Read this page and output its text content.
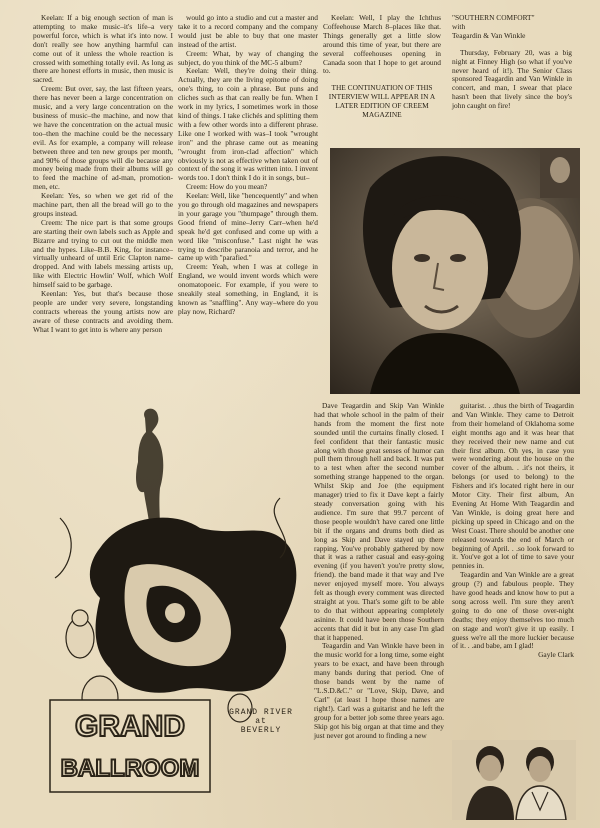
Keelan: If a big enough section of man is attempting to make music–it's life–a very powerful force, which is what it's into now. I don't really see how anything harmful can come out of it unless the whole reaction is crossed with something totally evil. As long as there are honest efforts in music, then music is sacred.

Creem: But over, say, the last fifteen years, there has never been a large concentration on music, and a very large concentration on the business of music–the machine, and now that we have the concentration on the actual music too–then the machine could be the necessary evil. As for example, a company will release between three and ten new groups per month, and 90% of those groups will die because any money being made from their albums will go to feed the machine of ad-man, promotion-men, etc.

Keelan: Yes, so when we get rid of the machine part, then all the bread will go to the groups instead.

Creem: The nice part is that some groups are starting their own labels such as Apple and Bizarre and trying to cut out the middle men and the hypes. Like–B.B. King, for instance–virtually unheard of until Eric Clapton name-dropped. And with labels messing artists up, like with Electric Howlin' Wolf, which Wolf himself said to be garbage.

Keenlan: Yes, but that's because those people are under very severe, longstanding contracts whereas the young artists now are aware of these contracts and avoiding them. What I want to get into is where any person

would go into a studio and cut a master and take it to a record company and the company would just be able to buy that one master instead of the artist.

Creem: What, by way of changing the subject, do you think of the MC-5 album?

Keelan: Well, they're doing their thing. Actually, they are the living epitome of doing one's thing, to coin a phrase. But puns and cliches such as that can really be fun. When I work in my lyrics, I sometimes work in those kind of things. I take clichés and splitting them with a few other words into a different phrase. Like one I worked with was–I took "wrought iron" and the phrase came out as meaning "wrought from iron-clad affection" which obviously is not as effective when taken out of context of the song it was written into. I invent words too. I don't think I do it in songs, but–

Creem: How do you mean?

Keelan: Well, like "hencequently" and when you go through old magazines and newspapers in your garage you "thumpage" through them. Good friend of mine–Jerry Carr–when he'd speak he'd get confused and come up with a word like "misconfuse." Last night he was trying to describe paranoia and terror, and he came up with "parafied."

Creem: Yeah, when I was at college in England, we would invent words which were onomatopoeic. For example, if you were to sneakily steal something, in England, it is known as "snaffling". Any way–where do you play now, Richard?

Keelan: Well, I play the Ichthus Coffeehouse March 8–places like that. Things generally get a little slow around this time of year, but there are several coffeehouses opening in Canada soon that I hope to get around to.

THE CONTINUATION OF THIS INTERVIEW WILL APPEAR IN A LATER EDITION OF CREEM MAGAZINE

"SOUTHERN COMFORT"

with

Teagardin & Van Winkle

Thursday, February 20, was a big night at Finney High (so what if you've never heard of it!). The Senior Class sponsored Teagardin and Van Winkle in concert, and man, I swear that place hasn't been that lively since the boy's john caught on fire!

Dave Teagardin and Skip Van Winkle had that whole school in the palm of their hands from the moment the first note sounded until the curtains finally closed. I feel confident that their fantastic music along with those great senses of humor can pull them through hell and back. It was put to a test when after the second number something strange happened to the organ. Whilst Skip and Joe (the equipment manager) tried to fix it Dave kept a fairly steady conversation going with his audience. I'm sure that 99.7 percent of those people wouldn't have cared one little bit if the organs and drums both died as long as Skip and Dave stayed up there rapping. You've probably gathered by now that it was a rather casual and easy-going evening (if you haven't you're pretty slow, friend). the band made it that way and I've never enjoyed myself more. You always felt as though every comment was directed straight at you. That's some gift to be able to do that without appearing completely asinine. It could have been those Southern accents that did it but in any case I'm glad that it happened.

Teagardin and Van Winkle have been in the music world for a long time, some eight years to be exact, and have been through many bands during that period. One of those bands went by the name of "L.S.D.&C." or "Love, Skip, Dave, and Carl" (at least I hope those names are right!). Carl was a guitarist and he left the group for a better job some three years ago. Skip got his big organ at that time and they just never got around to finding a new

guitarist. . .thus the birth of Teagardin and Van Winkle. They came to Detroit from their homeland of Oklahoma some eight months ago and it was hear that they received their new name and cut their first album. Oh yes, in case you were wondering about the house on the cover of the album. . .it's not theirs, it belongs (or used to belong) to the Fishers and it's located right here in our Motor City. Their first album, An Evening At Home With Teagardin and Van Winkle, is doing great here and picking up speed in Chicago and on the West Coast. There should be another one released towards the end of March or beginning of April. . .so look forward to it. You've got a lot of time to save your pennies in.

Teagardin and Van Winkle are a great group (?) and fabulous people. They have good heads and know how to put a song across well. I'm sure they aren't going to do one of those over-night deaths; they enjoy themselves too much on stage and won't give it up easily. I guess we're all the more luckier because of it. . .and babe, am I glad!

Gayle Clark

GRAND
BALLROOM
GRAND RIVER
at
BEVERLY
